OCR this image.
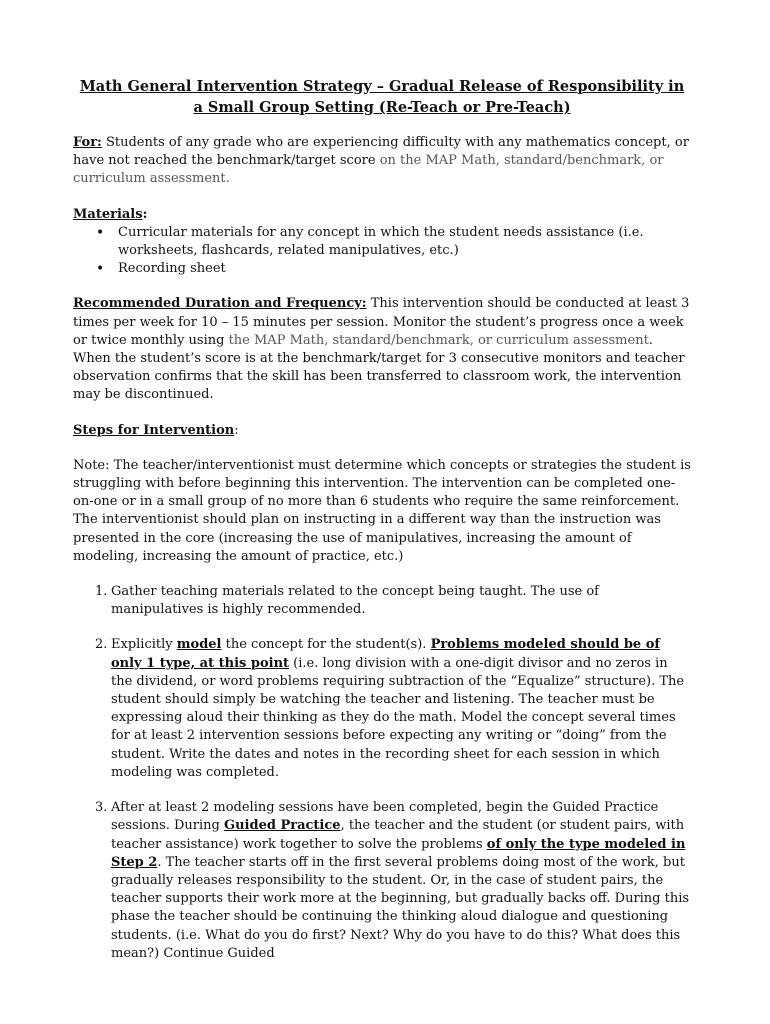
Math General Intervention Strategy – Gradual Release of Responsibility in a Small Group Setting (Re-Teach or Pre-Teach)

For: Students of any grade who are experiencing difficulty with any mathematics concept, or have not reached the benchmark/target score on the MAP Math, standard/benchmark, or curriculum assessment.

Materials:

• Curricular materials for any concept in which the student needs assistance (i.e. worksheets, flashcards, related manipulatives, etc.)
• Recording sheet

Recommended Duration and Frequency: This intervention should be conducted at least 3 times per week for 10 – 15 minutes per session. Monitor the student’s progress once a week or twice monthly using the MAP Math, standard/benchmark, or curriculum assessment. When the student’s score is at the benchmark/target for 3 consecutive monitors and teacher observation confirms that the skill has been transferred to classroom work, the intervention may be discontinued.

Steps for Intervention:

Note: The teacher/interventionist must determine which concepts or strategies the student is struggling with before beginning this intervention. The intervention can be completed one-on-one or in a small group of no more than 6 students who require the same reinforcement. The interventionist should plan on instructing in a different way than the instruction was presented in the core (increasing the use of manipulatives, increasing the amount of modeling, increasing the amount of practice, etc.)

1. Gather teaching materials related to the concept being taught. The use of manipulatives is highly recommended.
2. Explicitly model the concept for the student(s). Problems modeled should be of only 1 type, at this point (i.e. long division with a one-digit divisor and no zeros in the dividend, or word problems requiring subtraction of the “Equalize” structure). The student should simply be watching the teacher and listening. The teacher must be expressing aloud their thinking as they do the math. Model the concept several times for at least 2 intervention sessions before expecting any writing or “doing” from the student. Write the dates and notes in the recording sheet for each session in which modeling was completed.
3. After at least 2 modeling sessions have been completed, begin the Guided Practice sessions. During Guided Practice, the teacher and the student (or student pairs, with teacher assistance) work together to solve the problems of only the type modeled in Step 2. The teacher starts off in the first several problems doing most of the work, but gradually releases responsibility to the student. Or, in the case of student pairs, the teacher supports their work more at the beginning, but gradually backs off. During this phase the teacher should be continuing the thinking aloud dialogue and questioning students. (i.e. What do you do first? Next? Why do you have to do this? What does this mean?) Continue Guided
